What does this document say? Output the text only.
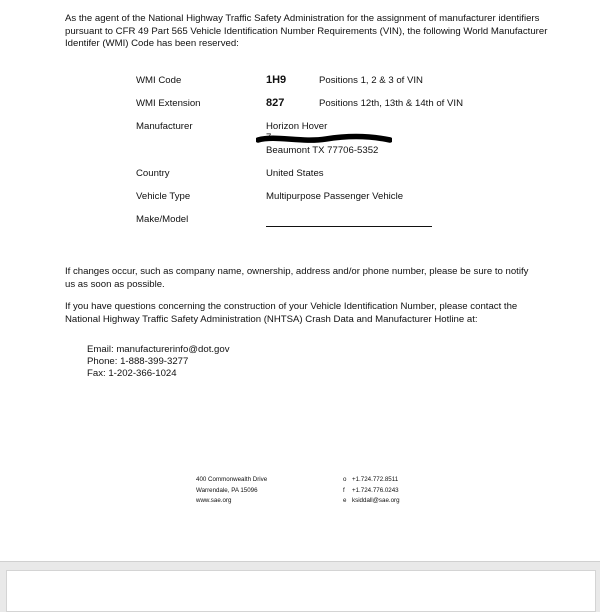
As the agent of the National Highway Traffic Safety Administration for the assignment of manufacturer identifiers pursuant to CFR 49 Part 565 Vehicle Identification Number Requirements (VIN), the following World Manufacturer Identifer (WMI) Code has been reserved:
WMI Code	1H9	Positions 1, 2 & 3 of VIN
WMI Extension	827	Positions 12th, 13th & 14th of VIN
Manufacturer	Horizon Hover
7
Beaumont TX 77706-5352
Country	United States
Vehicle Type	Multipurpose Passenger Vehicle
Make/Model
If changes occur, such as company name, ownership, address and/or phone number, please be sure to notify us as soon as possible.
If you have questions concerning the construction of your Vehicle Identification Number, please contact the National Highway Traffic Safety Administration (NHTSA) Crash Data and Manufacturer Hotline at:
Email: manufacturerinfo@dot.gov
Phone: 1-888-399-3277
Fax: 1-202-366-1024
400 Commonwealth Drive
Warrendale, PA 15096
www.sae.org
o +1.724.772.8511
f +1.724.776.0243
e ksiddall@sae.org
